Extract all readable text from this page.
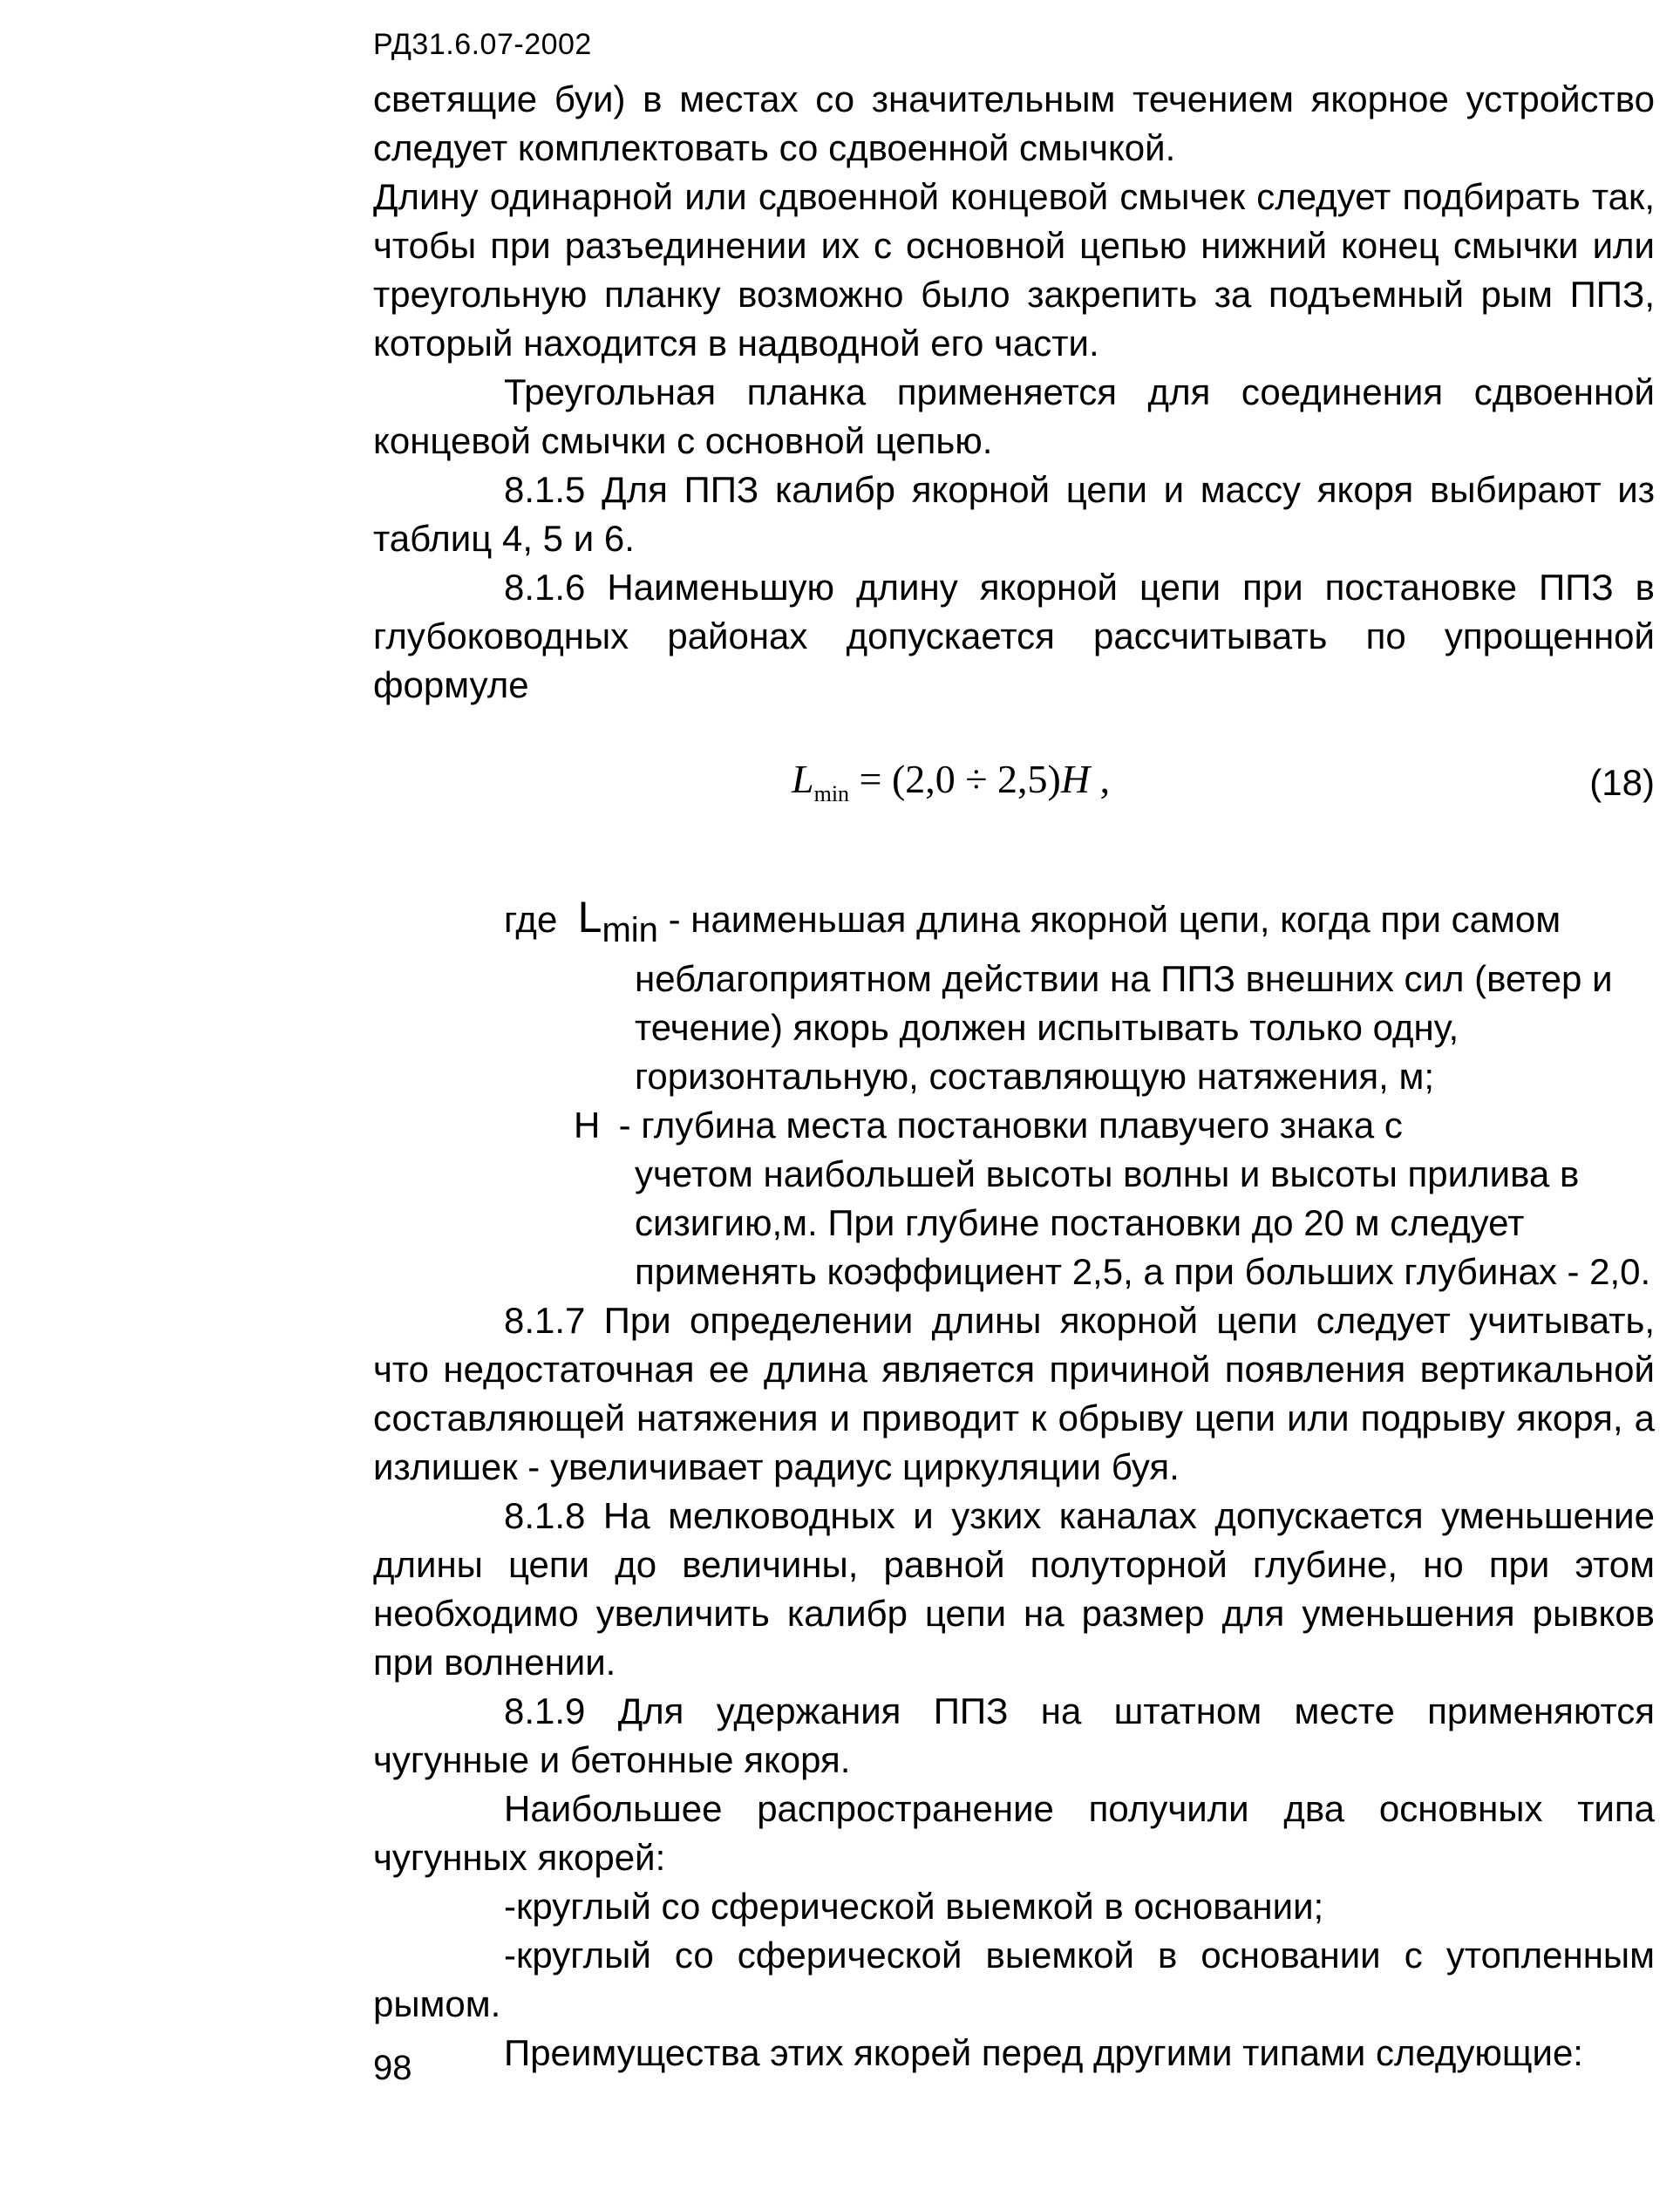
РД31.6.07-2002

светящие буи) в местах со значительным течением якорное устройство следует комплектовать со сдвоенной смычкой.

Длину одинарной или сдвоенной концевой смычек следует подбирать так, чтобы при разъединении их с основной цепью нижний конец смычки или треугольную планку возможно было закрепить за подъемный рым ППЗ, который находится в надводной его части.

Треугольная планка применяется для соединения сдвоенной концевой смычки с основной цепью.

8.1.5 Для ППЗ калибр якорной цепи и массу якоря выбирают из таблиц 4, 5 и 6.

8.1.6 Наименьшую длину якорной цепи при постановке ППЗ в глубоководных районах допускается рассчитывать по упрощенной формуле

$L_{min} = (2,0 \div 2,5)H$ ,	(18)
где $L_{min}$ - наименьшая длина якорной цепи, когда при самом
неблагоприятном действии на ППЗ внешних сил (ветер и течение) якорь должен испытывать только одну, горизонтальную, составляющую натяжения, м;
H - глубина места постановки плавучего знака с
учетом наибольшей высоты волны и высоты прилива в сизигию,м. При глубине постановки до 20 м следует применять коэффициент 2,5, а при больших глубинах - 2,0.

8.1.7 При определении длины якорной цепи следует учитывать, что недостаточная ее длина является причиной появления вертикальной составляющей натяжения и приводит к обрыву цепи или подрыву якоря, а излишек - увеличивает радиус циркуляции буя.

8.1.8 На мелководных и узких каналах допускается уменьшение длины цепи до величины, равной полуторной глубине, но при этом необходимо увеличить калибр цепи на размер для уменьшения рывков при волнении.

8.1.9 Для удержания ППЗ на штатном месте применяются чугунные и бетонные якоря.

Наибольшее распространение получили два основных типа чугунных якорей:

-круглый со сферической выемкой в основании;

-круглый со сферической выемкой в основании с утопленным рымом.

Преимущества этих якорей перед другими типами следующие:

98
